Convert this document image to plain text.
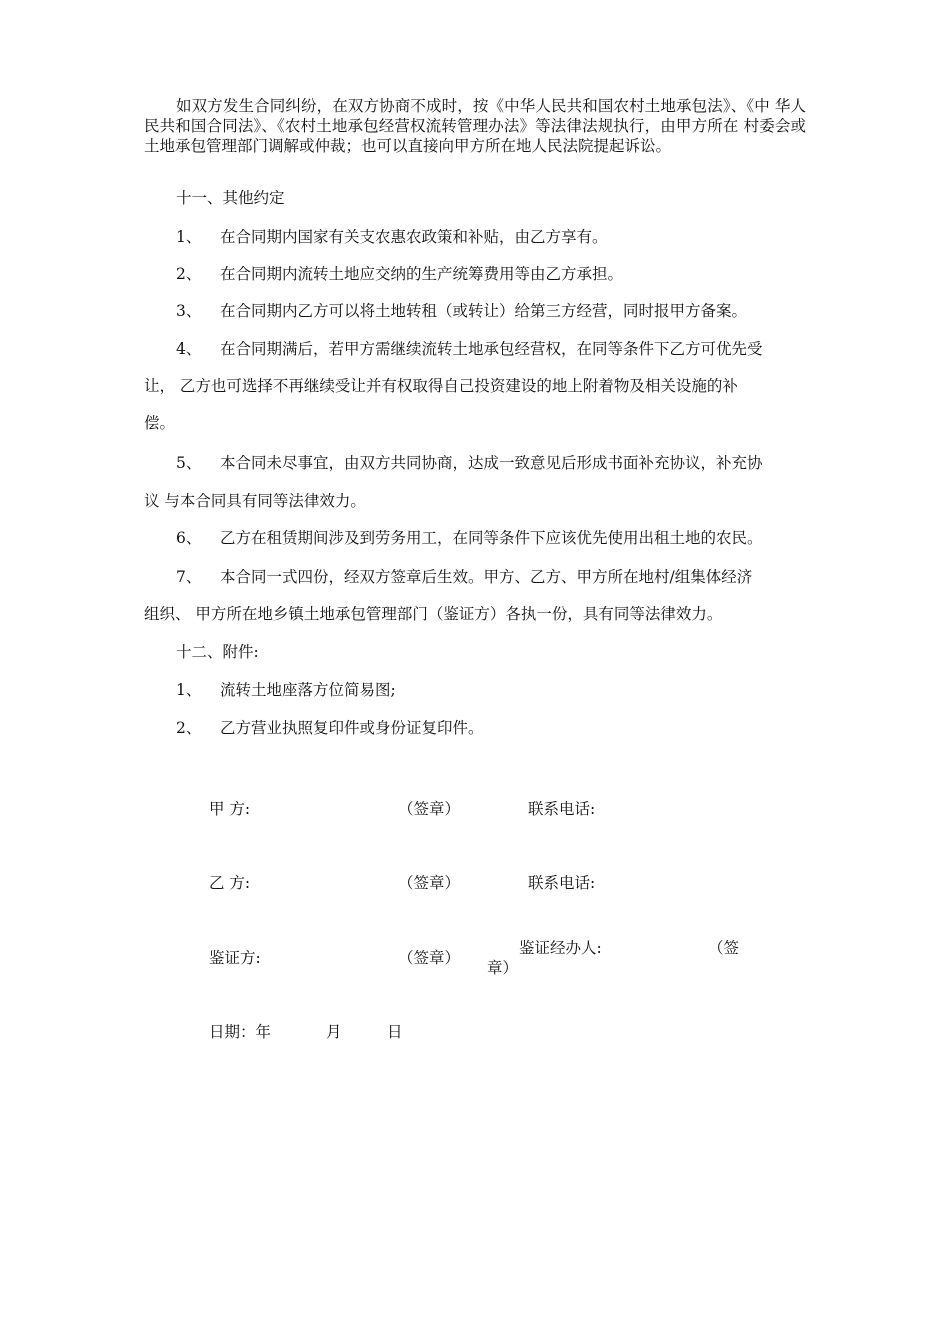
如双方发生合同纠纷，在双方协商不成时，按《中华人民共和国农村土地承包法》、《中 华人民共和国合同法》、《农村土地承包经营权流转管理办法》等法律法规执行，由甲方所在 村委会或土地承包管理部门调解或仲裁；也可以直接向甲方所在地人民法院提起诉讼。

十一、其他约定

1、 在合同期内国家有关支农惠农政策和补贴，由乙方享有。

2、 在合同期内流转土地应交纳的生产统筹费用等由乙方承担。

3、 在合同期内乙方可以将土地转租（或转让）给第三方经营，同时报甲方备案。

4、 在合同期满后，若甲方需继续流转土地承包经营权，在同等条件下乙方可优先受

让， 乙方也可选择不再继续受让并有权取得自己投资建设的地上附着物及相关设施的补

偿。

5、 本合同未尽事宜，由双方共同协商，达成一致意见后形成书面补充协议，补充协

议 与本合同具有同等法律效力。

6、 乙方在租赁期间涉及到劳务用工，在同等条件下应该优先使用出租土地的农民。

7、 本合同一式四份，经双方签章后生效。甲方、乙方、甲方所在地村/组集体经济

组织、 甲方所在地乡镇土地承包管理部门（鉴证方）各执一份，具有同等法律效力。

十二、附件:

1、 流转土地座落方位简易图;

2、 乙方营业执照复印件或身份证复印件。

甲 方:	（签章）	联系电话:
乙 方:	（签章）	联系电话:
鉴证方:	（签章）
鉴证经办人:	（签
章）
日期：年	月	日
